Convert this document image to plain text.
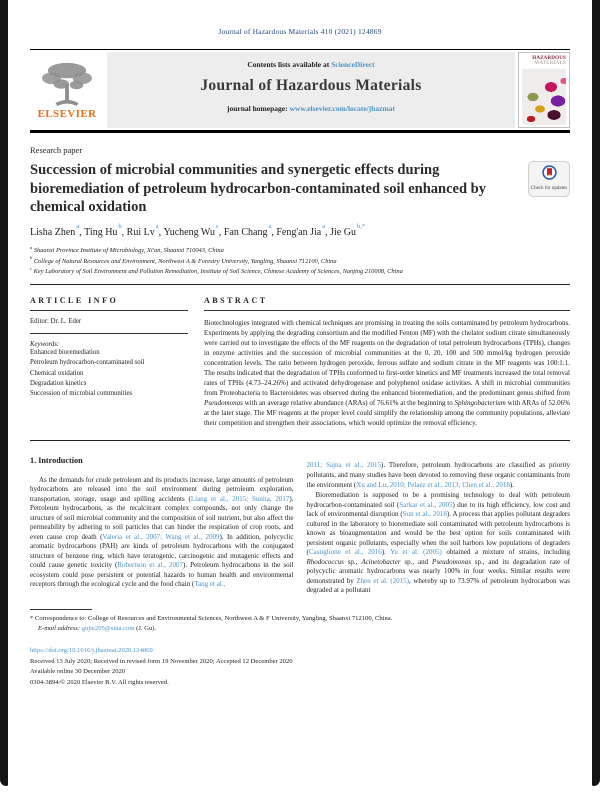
Journal of Hazardous Materials 410 (2021) 124869
ELSEVIER
Contents lists available at ScienceDirect
Journal of Hazardous Materials
journal homepage: www.elsevier.com/locate/jhazmat
HAZARDOUS
MATERIALS
Research paper
Succession of microbial communities and synergetic effects during bioremediation of petroleum hydrocarbon-contaminated soil enhanced by chemical oxidation
Check for updates
Lisha Zhen$^a$ , Ting Hu$^b$ , Rui Lv$^a$ , Yucheng Wu$^c$ , Fan Chang$^a$ , Feng'an Jia$^a$ , Jie $Gu^{b,*}$
$^a$ Shaanxi Province Institute of Microbiology, Xi'an, Shaanxi 710043, China
$^b$ College of Natural Resources and Environment, Northwest A & Forestry University, Yangling, Shaanxi 712100, China
$^c$ Key Laboratory of Soil Environment and Pollution Remediation, Institute of Soil Science, Chinese Academy of Sciences, Nanjing 210008, China
ARTICLE INFO
Editor: Dr. L. Eder
Keywords:
Enhanced bioremediation
Petroleum hydrocarbon-contaminated soil
Chemical oxidation
Degradation kinetics
Succession of microbial communities
ABSTRACT
Biotechnologies integrated with chemical techniques are promising in treating the soils contaminated by petroleum hydrocarbons. Experiments by applying the degrading consortium and the modified Fenton (MF) with the chelator sodium citrate simultaneously were carried out to investigate the effects of the MF reagents on the degradation of total petroleum hydrocarbons (TPHs), changes in enzyme activities and the succession of microbial communities at the 0, 20, 100 and 500 mmol/kg hydrogen peroxide concentration levels. The ratio between hydrogen peroxide, ferrous sulfate and sodium citrate in the MF reagents was 100:1:1. The results indicated that the degradation of TPHs conformed to first-order kinetics and MF treatments increased the total removal rates of TPHs (4.73–24.26%) and activated dehydrogenase and polyphenol oxidase activities. A shift in microbial communities from Proteobacteria to Bacteroidetes was observed during the enhanced bioremediation, and the predominant genus shifted from Pseudomonas with an average relative abundance (ARAs) of 76.61% at the beginning to Sphingobacterium with ARAs of 52.06% at the later stage. The MF reagents at the proper level could simplify the relationship among the community populations, alleviate their competition and strengthen their associations, which would optimize the removal efficiency.
1. Introduction

As the demands for crude petroleum and its products increase, large amounts of petroleum hydrocarbons are released into the soil environment during petroleum exploration, transportation, storage, usage and spilling accidents (Liang et al., 2015; Sunita, 2017). Petroleum hydrocarbons, as the recalcitrant complex compounds, not only change the structure of soil microbial community and the composition of soil nutrient, but also affect the permeability by adhering to soil particles that can hinder the respiration of crop roots, and even cause crop death (Valeria et al., 2007; Wang et al., 2009). In addition, polycyclic aromatic hydrocarbons (PAH) are kinds of petroleum hydrocarbons with the conjugated structure of benzene ring, which have teratogenic, carcinogenic and mutagenic effects and could cause genetic toxicity (Robertson et al., 2007). Petroleum hydrocarbons in the soil ecosystem could pose persistent or potential hazards to human health and environmental receptors through the ecological cycle and the food chain (Tang et al.,

2011; Sajna et al., 2015). Therefore, petroleum hydrocarbons are classified as priority pollutants, and many studies have been devoted to removing these organic contaminants from the environment (Xu and Lu, 2010; Pelaez et al., 2013; Chen et al., 2018).

Bioremediation is supposed to be a promising technology to deal with petroleum hydrocarbon-contaminated soil (Sarkar et al., 2005) due to its high efficiency, low cost and lack of environmental disruption (Sun et al., 2018). A process that applies pollutant degraders cultured in the laboratory to bioremediate soil contaminated with petroleum hydrocarbons is known as bioaugmentation and would be the best option for soils contaminated with persistent organic pollutants, especially when the soil harbors low populations of degraders (Castiglione et al., 2016). Yu et al. (2005) obtained a mixture of strains, including Rhodococcus sp., Acinetobacter sp., and Pseudomonas sp., and its degradation rate of polycyclic aromatic hydrocarbons was nearly 100% in four weeks. Similar results were demonstrated by Zhen et al. (2015), whereby up to 73.97% of petroleum hydrocarbon was degraded at a pollutant

* Correspondence to: College of Resources and Environmental Sciences, Northwest A & F University, Yangling, Shaanxi 712100, China.
E-mail address: gujie205@sina.com (J. Gu).
https://doi.org/10.1016/j.jhazmat.2020.124869
Received 13 July 2020; Received in revised form 19 November 2020; Accepted 12 December 2020
Available online 30 December 2020
0304-3894/© 2020 Elsevier B.V. All rights reserved.
